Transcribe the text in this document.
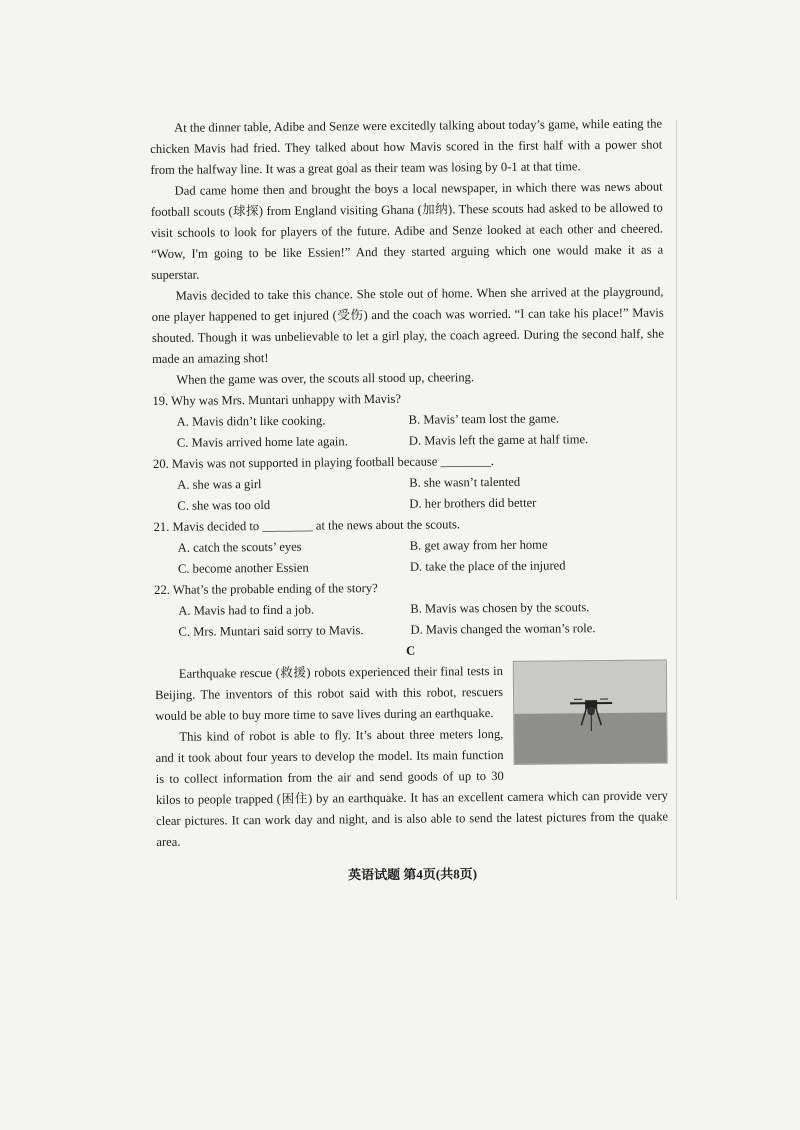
At the dinner table, Adibe and Senze were excitedly talking about today’s game, while eating the chicken Mavis had fried. They talked about how Mavis scored in the first half with a power shot from the halfway line. It was a great goal as their team was losing by 0-1 at that time.

Dad came home then and brought the boys a local newspaper, in which there was news about football scouts (球探) from England visiting Ghana (加纳). These scouts had asked to be allowed to visit schools to look for players of the future. Adibe and Senze looked at each other and cheered. “Wow, I'm going to be like Essien!” And they started arguing which one would make it as a superstar.

Mavis decided to take this chance. She stole out of home. When she arrived at the playground, one player happened to get injured (受伤) and the coach was worried. “I can take his place!” Mavis shouted. Though it was unbelievable to let a girl play, the coach agreed. During the second half, she made an amazing shot!

When the game was over, the scouts all stood up, cheering.

19. Why was Mrs. Muntari unhappy with Mavis?

A. Mavis didn’t like cooking.	B. Mavis’ team lost the game.
C. Mavis arrived home late again.	D. Mavis left the game at half time.

20. Mavis was not supported in playing football because ________.

A. she was a girl	B. she wasn’t talented
C. she was too old	D. her brothers did better

21. Mavis decided to ________ at the news about the scouts.

A. catch the scouts’ eyes	B. get away from her home
C. become another Essien	D. take the place of the injured

22. What’s the probable ending of the story?

A. Mavis had to find a job.	B. Mavis was chosen by the scouts.
C. Mrs. Muntari said sorry to Mavis.	D. Mavis changed the woman’s role.

C

Earthquake rescue (救援) robots experienced their final tests in Beijing. The inventors of this robot said with this robot, rescuers would be able to buy more time to save lives during an earthquake.

This kind of robot is able to fly. It’s about three meters long, and it took about four years to develop the model. Its main function is to collect information from the air and send goods of up to 30 kilos to people trapped (困住) by an earthquake. It has an excellent camera which can provide very clear pictures. It can work day and night, and is also able to send the latest pictures from the quake area.

英语试题 第4页(共8页)
